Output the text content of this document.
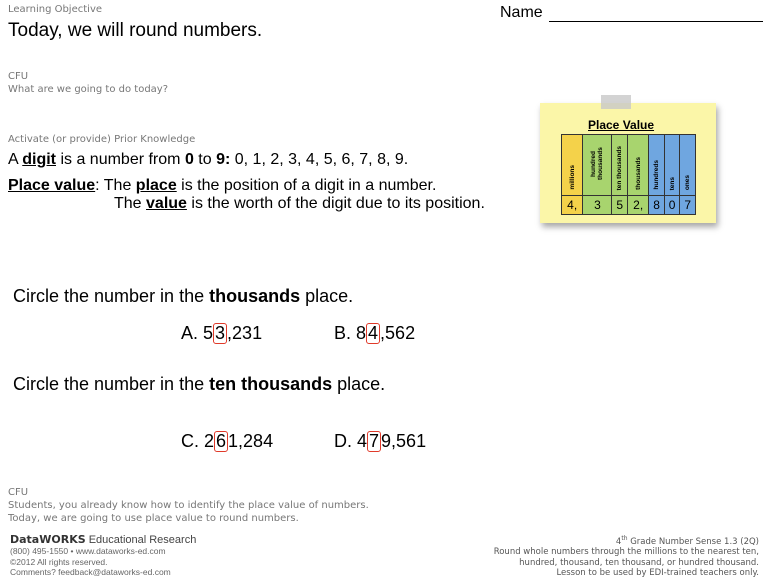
Learning Objective
Today, we will round numbers.
Name
CFU
What are we going to do today?
Activate (or provide) Prior Knowledge
A digit is a number from 0 to 9: 0, 1, 2, 3, 4, 5, 6, 7, 8, 9.
Place value: The place is the position of a digit in a number.
The value is the worth of the digit due to its position.
Place Value
millions	hundred thousands	ten thousands	thousands	hundreds	tens	ones
4,	3	5	2,	8	0	7
Circle the number in the thousands place.
A. 5 3 ,231	B. 8 4 ,562
Circle the number in the ten thousands place.
C. 2 6 1,284	D. 4 7 9,561
CFU
Students, you already know how to identify the place value of numbers.
Today, we are going to use place value to round numbers.
DataWORKS Educational Research
(800) 495-1550 • www.dataworks-ed.com
©2012 All rights reserved.
Comments? feedback@dataworks-ed.com
4th Grade Number Sense 1.3 (2Q)
Round whole numbers through the millions to the nearest ten,
hundred, thousand, ten thousand, or hundred thousand.
Lesson to be used by EDI-trained teachers only.
